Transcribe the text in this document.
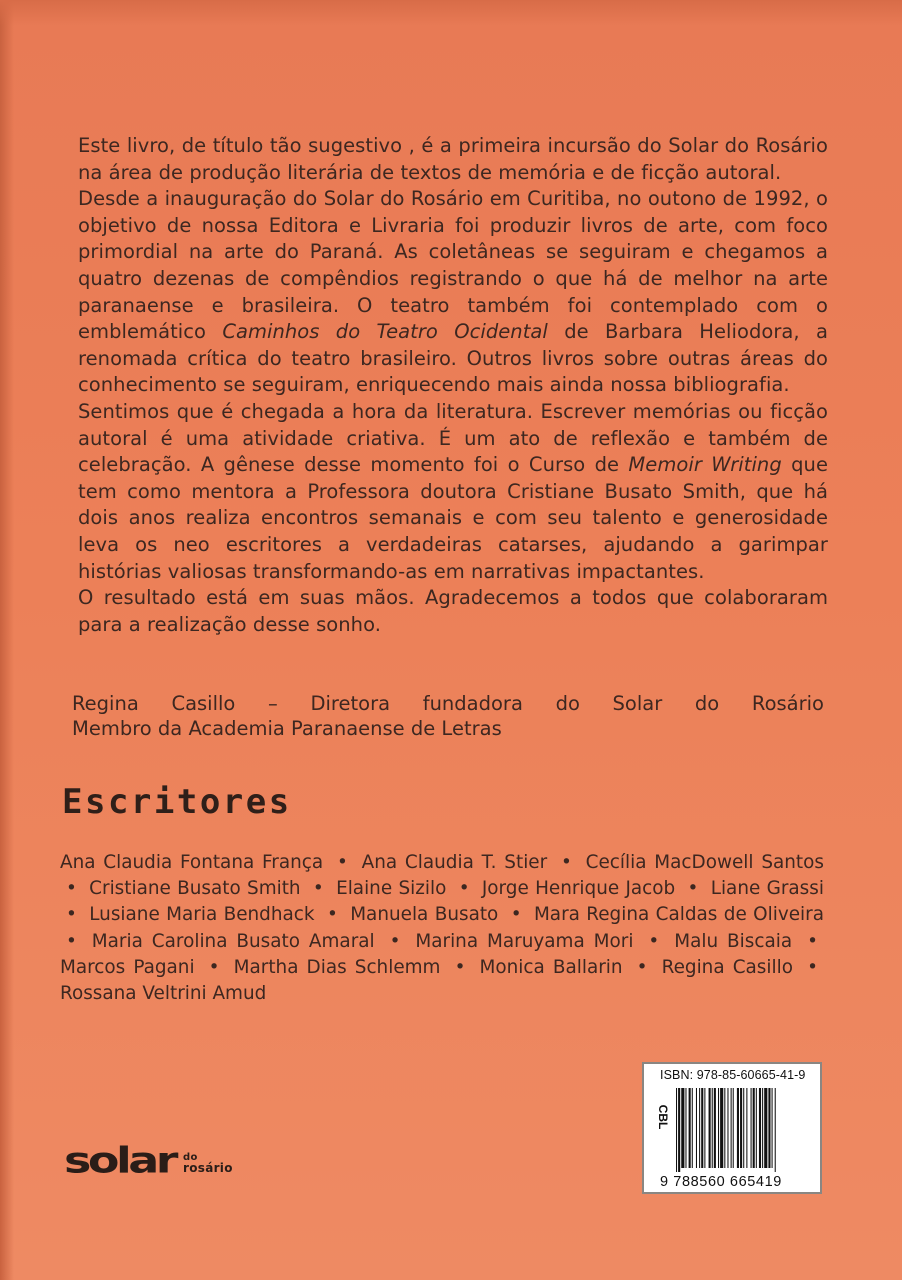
Este livro, de título tão sugestivo , é a primeira incursão do Solar do Rosário na área de produção literária de textos de memória e de ficção autoral.

Desde a inauguração do Solar do Rosário em Curitiba, no outono de 1992, o objetivo de nossa Editora e Livraria foi produzir livros de arte, com foco primordial na arte do Paraná. As coletâneas se seguiram e chegamos a quatro dezenas de compêndios registrando o que há de melhor na arte paranaense e brasileira. O teatro também foi contemplado com o emblemático Caminhos do Teatro Ocidental de Barbara Heliodora, a renomada crítica do teatro brasileiro. Outros livros sobre outras áreas do conhecimento se seguiram, enriquecendo mais ainda nossa bibliografia.

Sentimos que é chegada a hora da literatura. Escrever memórias ou ficção autoral é uma atividade criativa. É um ato de reflexão e também de celebração. A gênese desse momento foi o Curso de Memoir Writing que tem como mentora a Professora doutora Cristiane Busato Smith, que há dois anos realiza encontros semanais e com seu talento e generosidade leva os neo escritores a verdadeiras catarses, ajudando a garimpar histórias valiosas transformando-as em narrativas impactantes.

O resultado está em suas mãos. Agradecemos a todos que colaboraram para a realização desse sonho.

Regina Casillo – Diretora fundadora do Solar do Rosário
Membro da Academia Paranaense de Letras
Escritores
Ana Claudia Fontana França • Ana Claudia T. Stier • Cecília MacDowell Santos • Cristiane Busato Smith • Elaine Sizilo • Jorge Henrique Jacob • Liane Grassi • Lusiane Maria Bendhack • Manuela Busato • Mara Regina Caldas de Oliveira • Maria Carolina Busato Amaral • Marina Maruyama Mori • Malu Biscaia • Marcos Pagani • Martha Dias Schlemm • Monica Ballarin • Regina Casillo • Rossana Veltrini Amud
solar do
rosário
ISBN: 978-85-60665-41-9
CBL
9 788560 665419
